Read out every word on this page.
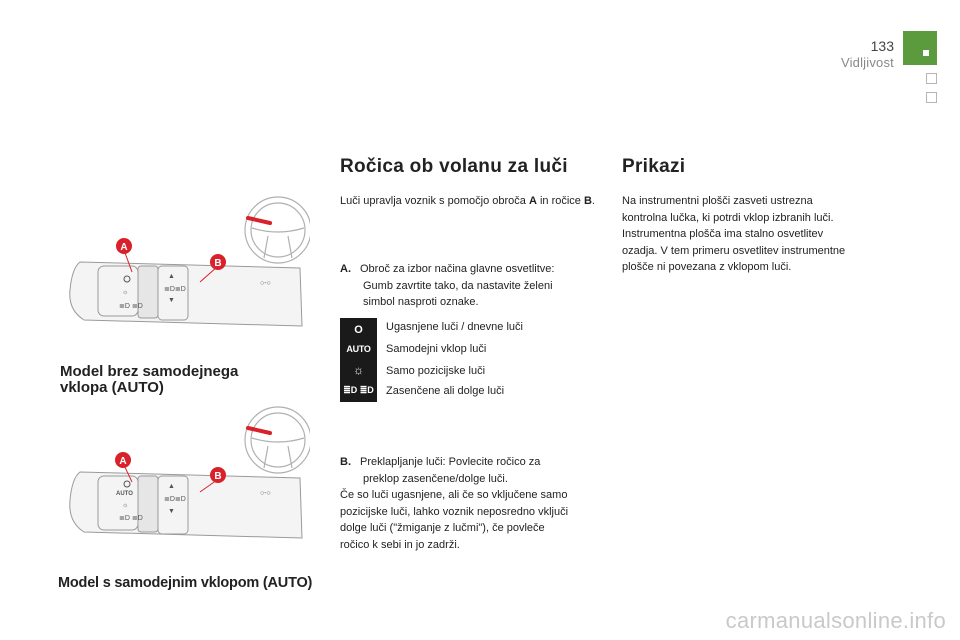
133
Vidljivost
☼
≣D ≣D
▲
≣D≣D
▼
○-○
A
B
Model brez samodejnega
vklopa (AUTO)
AUTO
☼
≣D ≣D
▲
≣D≣D
▼
○-○
A
B
Model s samodejnim vklopom (AUTO)
Ročica ob volanu za luči
Luči upravlja voznik s pomočjo obroča A in ročice B.
A. Obroč za izbor načina glavne osvetlitve:
Gumb zavrtite tako, da nastavite želeni
simbol nasproti oznake.
O
AUTO
☼
≣D ≣D
Ugasnjene luči / dnevne luči
Samodejni vklop luči
Samo pozicijske luči
Zasenčene ali dolge luči
B. Preklapljanje luči: Povlecite ročico za
preklop zasenčene/dolge luči.
Če so luči ugasnjene, ali če so vključene samo
pozicijske luči, lahko voznik neposredno vključi
dolge luči ("žmiganje z lučmi"), če povleče
ročico k sebi in jo zadrži.
Prikazi
Na instrumentni plošči zasveti ustrezna
kontrolna lučka, ki potrdi vklop izbranih luči.
Instrumentna plošča ima stalno osvetlitev
ozadja. V tem primeru osvetlitev instrumentne
plošče ni povezana z vklopom luči.
carmanualsonline.info
